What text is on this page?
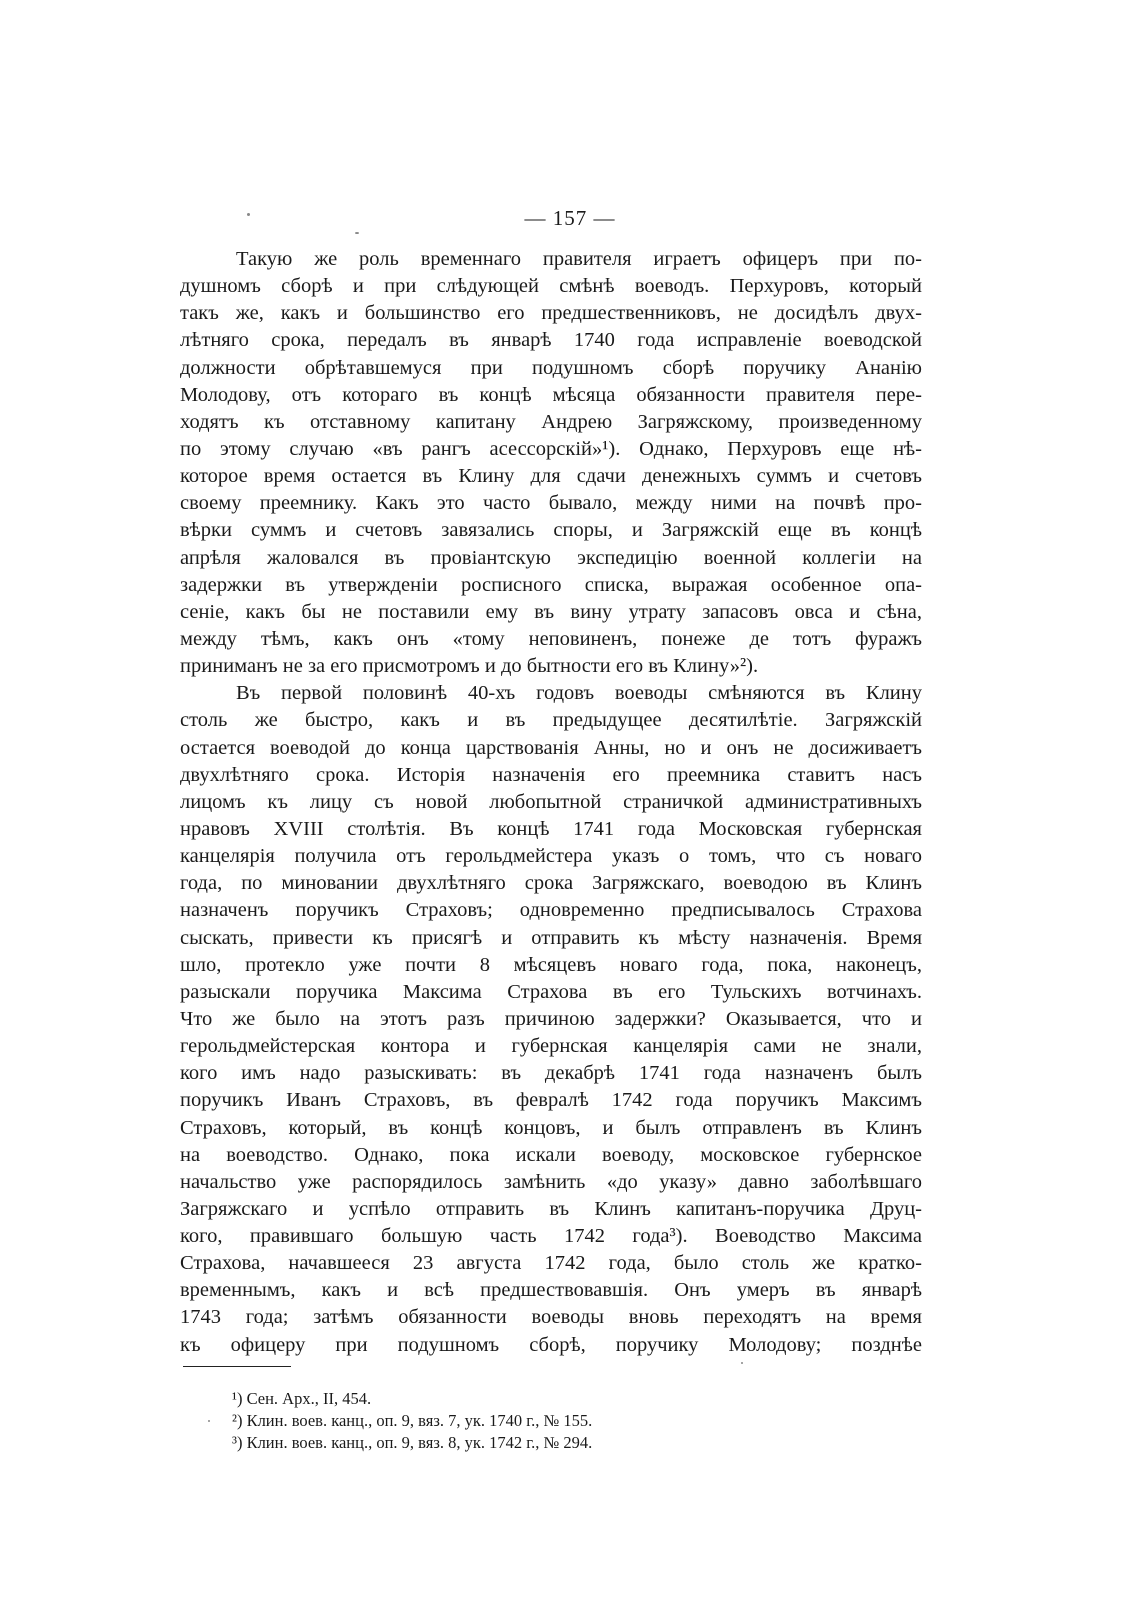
— 157 —
Такую же роль временнаго правителя играетъ офицеръ при по-
душномъ сборѣ и при слѣдующей смѣнѣ воеводъ. Перхуровъ, который
такъ же, какъ и большинство его предшественниковъ, не досидѣлъ двух-
лѣтняго срока, передалъ въ январѣ 1740 года исправленіе воеводской
должности обрѣтавшемуся при подушномъ сборѣ поручику Ананію
Молодову, отъ котораго въ концѣ мѣсяца обязанности правителя пере-
ходятъ къ отставному капитану Андрею Загряжскому, произведенному
по этому случаю «въ рангъ асессорскій»¹). Однако, Перхуровъ еще нѣ-
которое время остается въ Клину для сдачи денежныхъ суммъ и счетовъ
своему преемнику. Какъ это часто бывало, между ними на почвѣ про-
вѣрки суммъ и счетовъ завязались споры, и Загряжскій еще въ концѣ
апрѣля жаловался въ провіантскую экспедицію военной коллегіи на
задержки въ утвержденіи росписного списка, выражая особенное опа-
сеніе, какъ бы не поставили ему въ вину утрату запасовъ овса и сѣна,
между тѣмъ, какъ онъ «тому неповиненъ, понеже де тотъ фуражъ
приниманъ не за его присмотромъ и до бытности его въ Клину»²).
Въ первой половинѣ 40-хъ годовъ воеводы смѣняются въ Клину
столь же быстро, какъ и въ предыдущее десятилѣтіе. Загряжскій
остается воеводой до конца царствованія Анны, но и онъ не досиживаетъ
двухлѣтняго срока. Исторія назначенія его преемника ставитъ насъ
лицомъ къ лицу съ новой любопытной страничкой административныхъ
нравовъ XVIII столѣтія. Въ концѣ 1741 года Московская губернская
канцелярія получила отъ герольдмейстера указъ о томъ, что съ новаго
года, по миновании двухлѣтняго срока Загряжскаго, воеводою въ Клинъ
назначенъ поручикъ Страховъ; одновременно предписывалось Страхова
сыскать, привести къ присягѣ и отправить къ мѣсту назначенія. Время
шло, протекло уже почти 8 мѣсяцевъ новаго года, пока, наконецъ,
разыскали поручика Максима Страхова въ его Тульскихъ вотчинахъ.
Что же было на этотъ разъ причиною задержки? Оказывается, что и
герольдмейстерская контора и губернская канцелярія сами не знали,
кого имъ надо разыскивать: въ декабрѣ 1741 года назначенъ былъ
поручикъ Иванъ Страховъ, въ февралѣ 1742 года поручикъ Максимъ
Страховъ, который, въ концѣ концовъ, и былъ отправленъ въ Клинъ
на воеводство. Однако, пока искали воеводу, московское губернское
начальство уже распорядилось замѣнить «до указу» давно заболѣвшаго
Загряжскаго и успѣло отправить въ Клинъ капитанъ-поручика Друц-
кого, правившаго большую часть 1742 года³). Воеводство Максима
Страхова, начавшееся 23 августа 1742 года, было столь же кратко-
временнымъ, какъ и всѣ предшествовавшія. Онъ умеръ въ январѣ
1743 года; затѣмъ обязанности воеводы вновь переходятъ на время
къ офицеру при подушномъ сборѣ, поручику Молодову; позднѣе
¹) Сен. Арх., II, 454.
²) Клин. воев. канц., оп. 9, вяз. 7, ук. 1740 г., № 155.
³) Клин. воев. канц., оп. 9, вяз. 8, ук. 1742 г., № 294.
